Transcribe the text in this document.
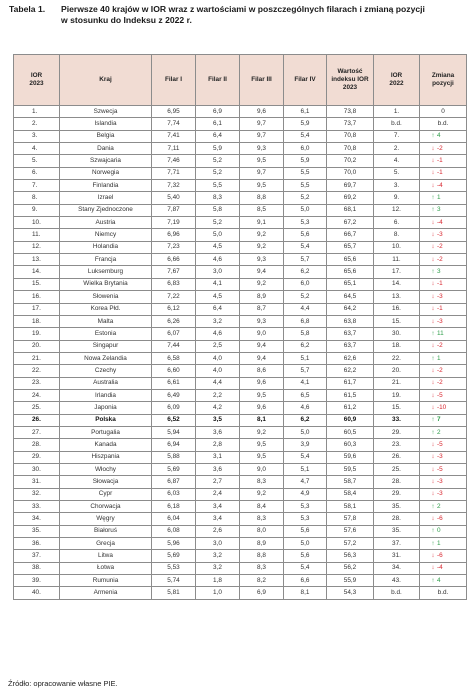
Tabela 1. Pierwsze 40 krajów w IOR wraz z wartościami w poszczególnych filarach i zmianą pozycji
w stosunku do Indeksu z 2022 r.
IOR 2023	Kraj	Filar I	Filar II	Filar III	Filar IV	Wartość indeksu IOR 2023	IOR 2022	Zmiana pozycji
1.	Szwecja	6,95	6,9	9,6	6,1	73,8	1.	0
2.	Islandia	7,74	6,1	9,7	5,9	73,7	b.d.	b.d.
3.	Belgia	7,41	6,4	9,7	5,4	70,8	7.	↑ 4
4.	Dania	7,11	5,9	9,3	6,0	70,8	2.	↓ -2
5.	Szwajcaria	7,46	5,2	9,5	5,9	70,2	4.	↓ -1
6.	Norwegia	7,71	5,2	9,7	5,5	70,0	5.	↓ -1
7.	Finlandia	7,32	5,5	9,5	5,5	69,7	3.	↓ -4
8.	Izrael	5,40	8,3	8,8	5,2	69,2	9.	↑ 1
9.	Stany Zjednoczone	7,87	5,8	8,5	5,0	68,1	12.	↑ 3
10.	Austria	7,19	5,2	9,1	5,3	67,2	6.	↓ -4
11.	Niemcy	6,96	5,0	9,2	5,6	66,7	8.	↓ -3
12.	Holandia	7,23	4,5	9,2	5,4	65,7	10.	↓ -2
13.	Francja	6,66	4,6	9,3	5,7	65,6	11.	↓ -2
14.	Luksemburg	7,67	3,0	9,4	6,2	65,6	17.	↑ 3
15.	Wielka Brytania	6,83	4,1	9,2	6,0	65,1	14.	↓ -1
16.	Słowenia	7,22	4,5	8,9	5,2	64,5	13.	↓ -3
17.	Korea Płd.	6,12	6,4	8,7	4,4	64,2	16.	↓ -1
18.	Malta	6,26	3,2	9,3	6,8	63,8	15.	↓ -3
19.	Estonia	6,07	4,6	9,0	5,8	63,7	30.	↑ 11
20.	Singapur	7,44	2,5	9,4	6,2	63,7	18.	↓ -2
21.	Nowa Zelandia	6,58	4,0	9,4	5,1	62,6	22.	↑ 1
22.	Czechy	6,60	4,0	8,6	5,7	62,2	20.	↓ -2
23.	Australia	6,61	4,4	9,6	4,1	61,7	21.	↓ -2
24.	Irlandia	6,49	2,2	9,5	6,5	61,5	19.	↓ -5
25.	Japonia	6,09	4,2	9,6	4,6	61,2	15.	↓ -10
26.	Polska	6,52	3,5	8,1	6,2	60,9	33.	↑ 7
27.	Portugalia	5,94	3,6	9,2	5,0	60,5	29.	↑ 2
28.	Kanada	6,94	2,8	9,5	3,9	60,3	23.	↓ -5
29.	Hiszpania	5,88	3,1	9,5	5,4	59,6	26.	↓ -3
30.	Włochy	5,69	3,6	9,0	5,1	59,5	25.	↓ -5
31.	Słowacja	6,87	2,7	8,3	4,7	58,7	28.	↓ -3
32.	Cypr	6,03	2,4	9,2	4,9	58,4	29.	↓ -3
33.	Chorwacja	6,18	3,4	8,4	5,3	58,1	35.	↑ 2
34.	Węgry	6,04	3,4	8,3	5,3	57,8	28.	↓ -6
35.	Białoruś	6,08	2,6	8,0	5,6	57,6	35.	↑ 0
36.	Grecja	5,96	3,0	8,9	5,0	57,2	37.	↑ 1
37.	Litwa	5,69	3,2	8,8	5,6	56,3	31.	↓ -6
38.	Łotwa	5,53	3,2	8,3	5,4	56,2	34.	↓ -4
39.	Rumunia	5,74	1,8	8,2	6,6	55,9	43.	↑ 4
40.	Armenia	5,81	1,0	6,9	8,1	54,3	b.d.	b.d.
Źródło: opracowanie własne PIE.
